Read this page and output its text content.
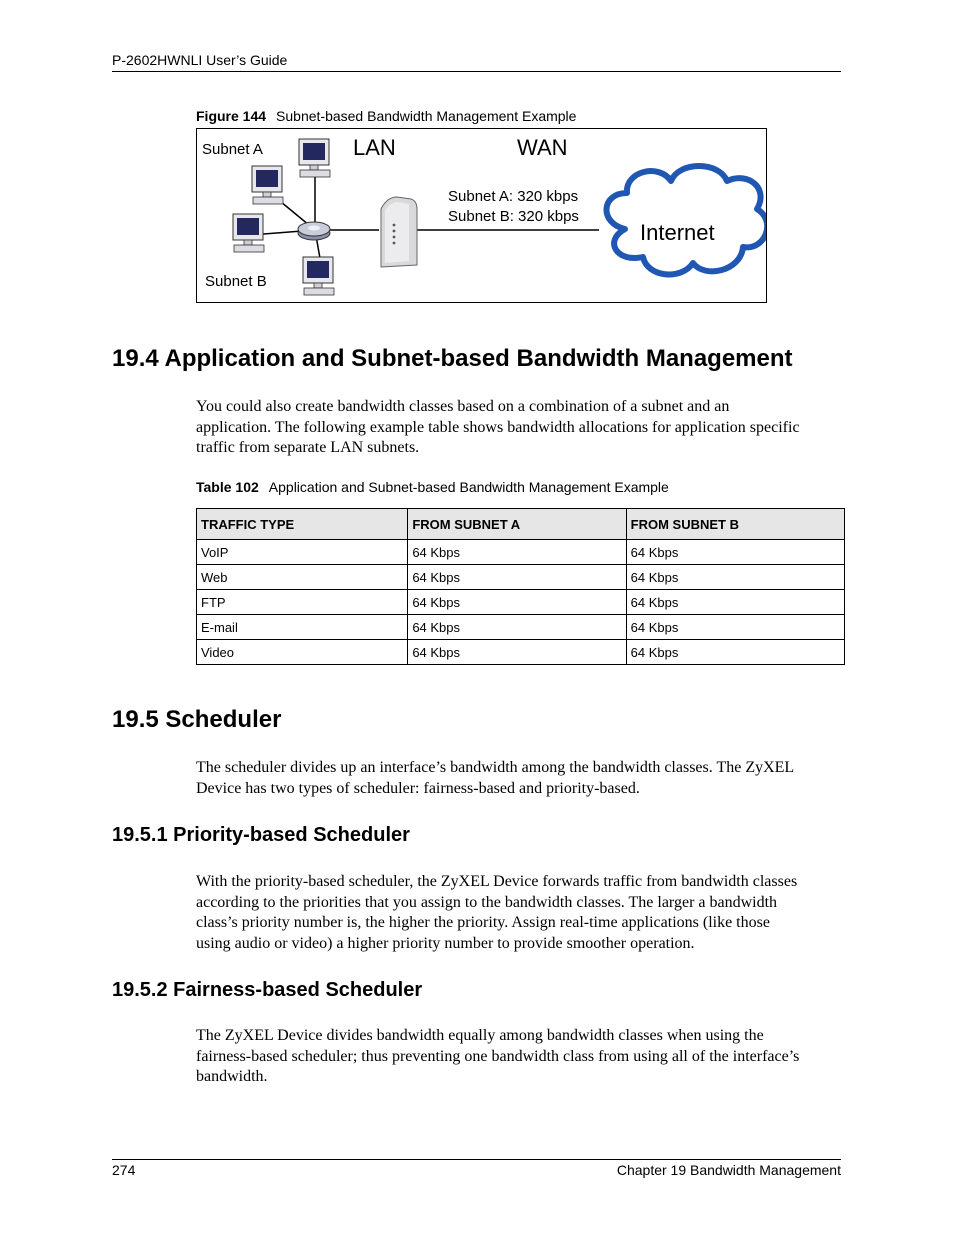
P-2602HWNLI User’s Guide
Figure 144 Subnet-based Bandwidth Management Example
Subnet A
Subnet B
LAN	WAN
Subnet A: 320 kbps
Subnet B: 320 kbps
Internet
19.4 Application and Subnet-based Bandwidth Management

You could also create bandwidth classes based on a combination of a subnet and an
application. The following example table shows bandwidth allocations for application specific
traffic from separate LAN subnets.

Table 102 Application and Subnet-based Bandwidth Management Example
TRAFFIC TYPE	FROM SUBNET A	FROM SUBNET B
VoIP	64 Kbps	64 Kbps
Web	64 Kbps	64 Kbps
FTP	64 Kbps	64 Kbps
E-mail	64 Kbps	64 Kbps
Video	64 Kbps	64 Kbps
19.5 Scheduler

The scheduler divides up an interface’s bandwidth among the bandwidth classes. The ZyXEL
Device has two types of scheduler: fairness-based and priority-based.

19.5.1 Priority-based Scheduler

With the priority-based scheduler, the ZyXEL Device forwards traffic from bandwidth classes
according to the priorities that you assign to the bandwidth classes. The larger a bandwidth
class’s priority number is, the higher the priority. Assign real-time applications (like those
using audio or video) a higher priority number to provide smoother operation.

19.5.2 Fairness-based Scheduler

The ZyXEL Device divides bandwidth equally among bandwidth classes when using the
fairness-based scheduler; thus preventing one bandwidth class from using all of the interface’s
bandwidth.

274	Chapter 19 Bandwidth Management
